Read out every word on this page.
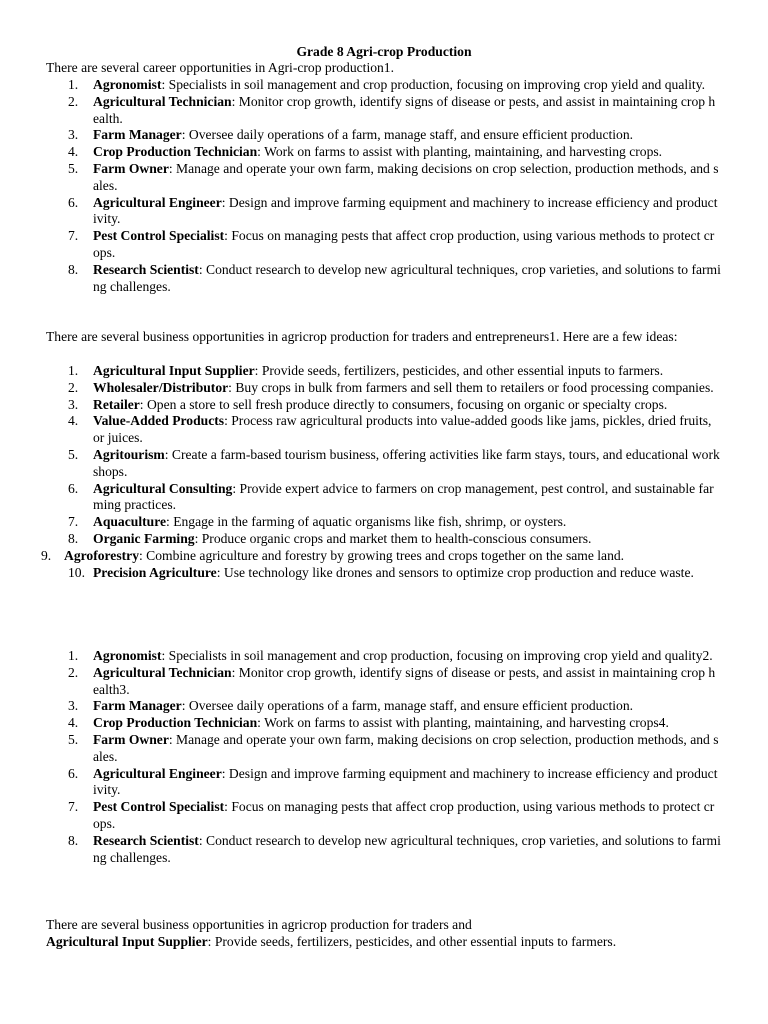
Grade 8 Agri-crop Production
There are several career opportunities in Agri-crop production1.
1. Agronomist: Specialists in soil management and crop production, focusing on improving crop yield and quality.
2. Agricultural Technician: Monitor crop growth, identify signs of disease or pests, and assist in maintaining crop health.
3. Farm Manager: Oversee daily operations of a farm, manage staff, and ensure efficient production.
4. Crop Production Technician: Work on farms to assist with planting, maintaining, and harvesting crops.
5. Farm Owner: Manage and operate your own farm, making decisions on crop selection, production methods, and sales.
6. Agricultural Engineer: Design and improve farming equipment and machinery to increase efficiency and productivity.
7. Pest Control Specialist: Focus on managing pests that affect crop production, using various methods to protect crops.
8. Research Scientist: Conduct research to develop new agricultural techniques, crop varieties, and solutions to farming challenges.
There are several business opportunities in agricrop production for traders and entrepreneurs1. Here are a few ideas:
1. Agricultural Input Supplier: Provide seeds, fertilizers, pesticides, and other essential inputs to farmers.
2. Wholesaler/Distributor: Buy crops in bulk from farmers and sell them to retailers or food processing companies.
3. Retailer: Open a store to sell fresh produce directly to consumers, focusing on organic or specialty crops.
4. Value-Added Products: Process raw agricultural products into value-added goods like jams, pickles, dried fruits, or juices.
5. Agritourism: Create a farm-based tourism business, offering activities like farm stays, tours, and educational workshops.
6. Agricultural Consulting: Provide expert advice to farmers on crop management, pest control, and sustainable farming practices.
7. Aquaculture: Engage in the farming of aquatic organisms like fish, shrimp, or oysters.
8. Organic Farming: Produce organic crops and market them to health-conscious consumers.
9. Agroforestry: Combine agriculture and forestry by growing trees and crops together on the same land.
10. Precision Agriculture: Use technology like drones and sensors to optimize crop production and reduce waste.
1. Agronomist: Specialists in soil management and crop production, focusing on improving crop yield and quality2.
2. Agricultural Technician: Monitor crop growth, identify signs of disease or pests, and assist in maintaining crop health3.
3. Farm Manager: Oversee daily operations of a farm, manage staff, and ensure efficient production.
4. Crop Production Technician: Work on farms to assist with planting, maintaining, and harvesting crops4.
5. Farm Owner: Manage and operate your own farm, making decisions on crop selection, production methods, and sales.
6. Agricultural Engineer: Design and improve farming equipment and machinery to increase efficiency and productivity.
7. Pest Control Specialist: Focus on managing pests that affect crop production, using various methods to protect crops.
8. Research Scientist: Conduct research to develop new agricultural techniques, crop varieties, and solutions to farming challenges.
There are several business opportunities in agricrop production for traders and
Agricultural Input Supplier: Provide seeds, fertilizers, pesticides, and other essential inputs to farmers.
